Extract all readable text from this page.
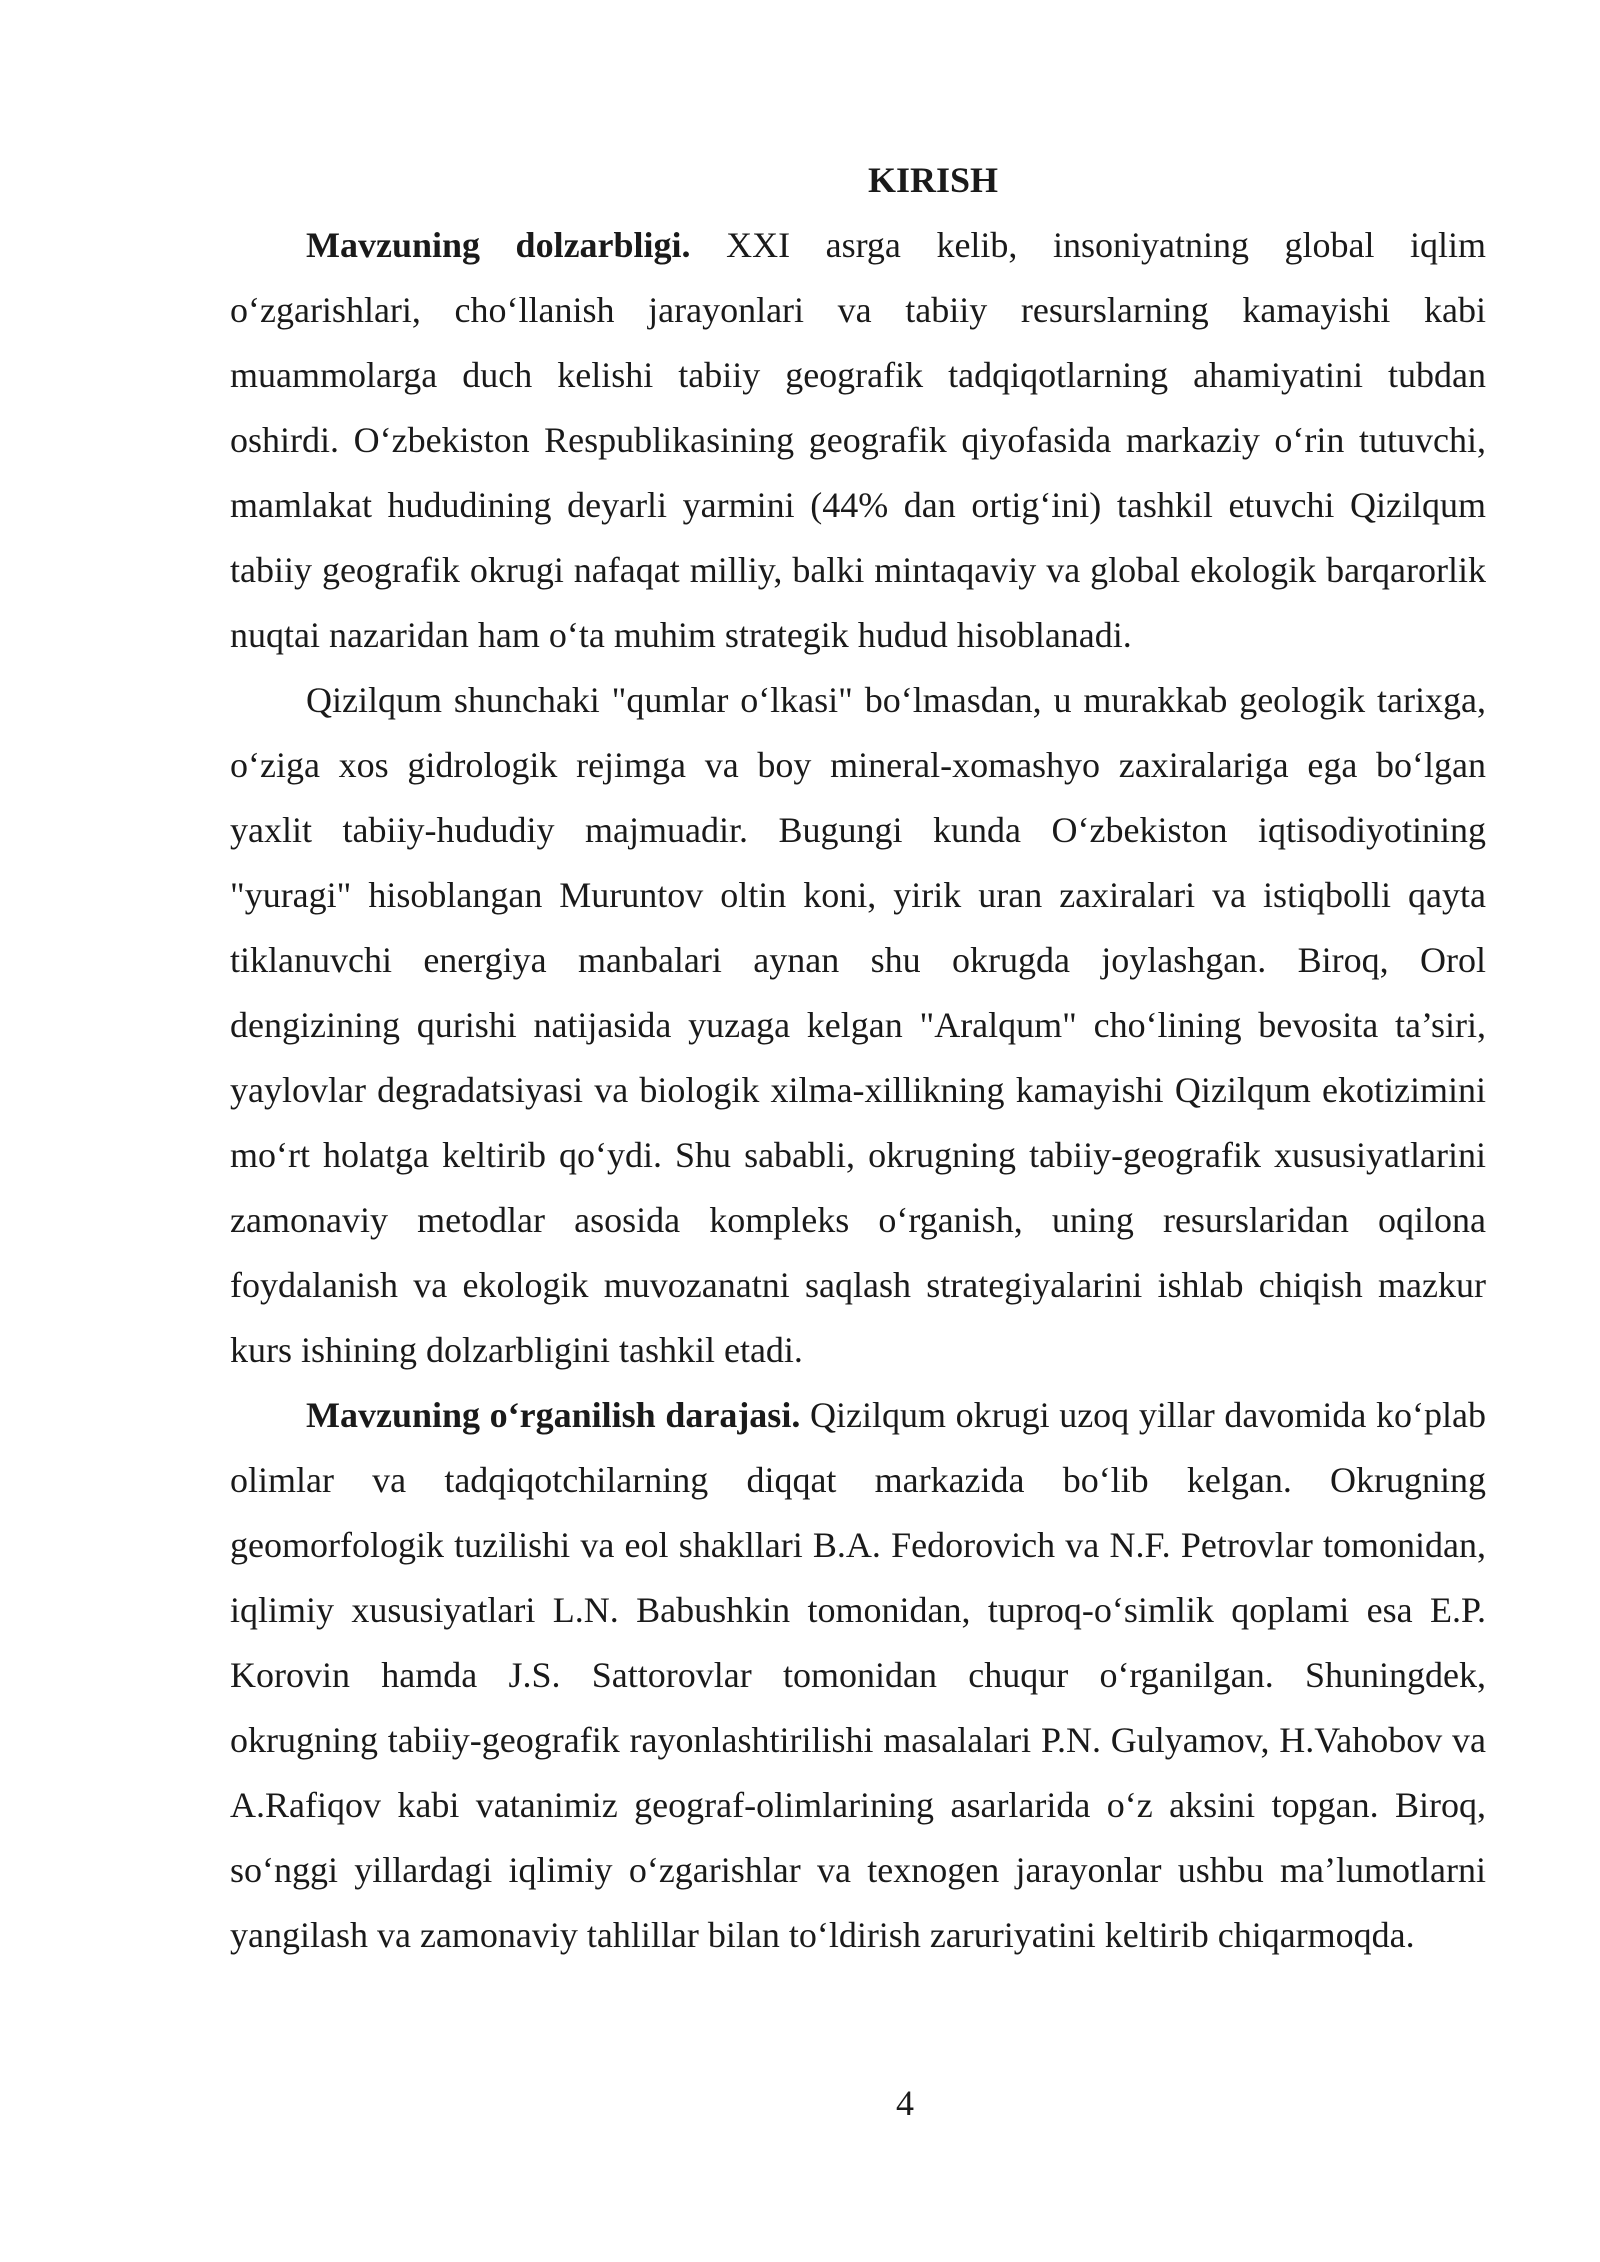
KIRISH

Mavzuning dolzarbligi. XXI asrga kelib, insoniyatning global iqlim o‘zgarishlari, cho‘llanish jarayonlari va tabiiy resurslarning kamayishi kabi muammolarga duch kelishi tabiiy geografik tadqiqotlarning ahamiyatini tubdan oshirdi. O‘zbekiston Respublikasining geografik qiyofasida markaziy o‘rin tutuvchi, mamlakat hududining deyarli yarmini (44% dan ortig‘ini) tashkil etuvchi Qizilqum tabiiy geografik okrugi nafaqat milliy, balki mintaqaviy va global ekologik barqarorlik nuqtai nazaridan ham o‘ta muhim strategik hudud hisoblanadi.

Qizilqum shunchaki "qumlar o‘lkasi" bo‘lmasdan, u murakkab geologik tarixga, o‘ziga xos gidrologik rejimga va boy mineral-xomashyo zaxiralariga ega bo‘lgan yaxlit tabiiy-hududiy majmuadir. Bugungi kunda O‘zbekiston iqtisodiyotining "yuragi" hisoblangan Muruntov oltin koni, yirik uran zaxiralari va istiqbolli qayta tiklanuvchi energiya manbalari aynan shu okrugda joylashgan. Biroq, Orol dengizining qurishi natijasida yuzaga kelgan "Aralqum" cho‘lining bevosita ta’siri, yaylovlar degradatsiyasi va biologik xilma-xillikning kamayishi Qizilqum ekotizimini mo‘rt holatga keltirib qo‘ydi. Shu sababli, okrugning tabiiy-geografik xususiyatlarini zamonaviy metodlar asosida kompleks o‘rganish, uning resurslaridan oqilona foydalanish va ekologik muvozanatni saqlash strategiyalarini ishlab chiqish mazkur kurs ishining dolzarbligini tashkil etadi.

Mavzuning o‘rganilish darajasi. Qizilqum okrugi uzoq yillar davomida ko‘plab olimlar va tadqiqotchilarning diqqat markazida bo‘lib kelgan. Okrugning geomorfologik tuzilishi va eol shakllari B.A. Fedorovich va N.F. Petrovlar tomonidan, iqlimiy xususiyatlari L.N. Babushkin tomonidan, tuproq-o‘simlik qoplami esa E.P. Korovin hamda J.S. Sattorovlar tomonidan chuqur o‘rganilgan. Shuningdek, okrugning tabiiy-geografik rayonlashtirilishi masalalari P.N. Gulyamov, H.Vahobov va A.Rafiqov kabi vatanimiz geograf-olimlarining asarlarida o‘z aksini topgan. Biroq, so‘nggi yillardagi iqlimiy o‘zgarishlar va texnogen jarayonlar ushbu ma’lumotlarni yangilash va zamonaviy tahlillar bilan to‘ldirish zaruriyatini keltirib chiqarmoqda.

4
